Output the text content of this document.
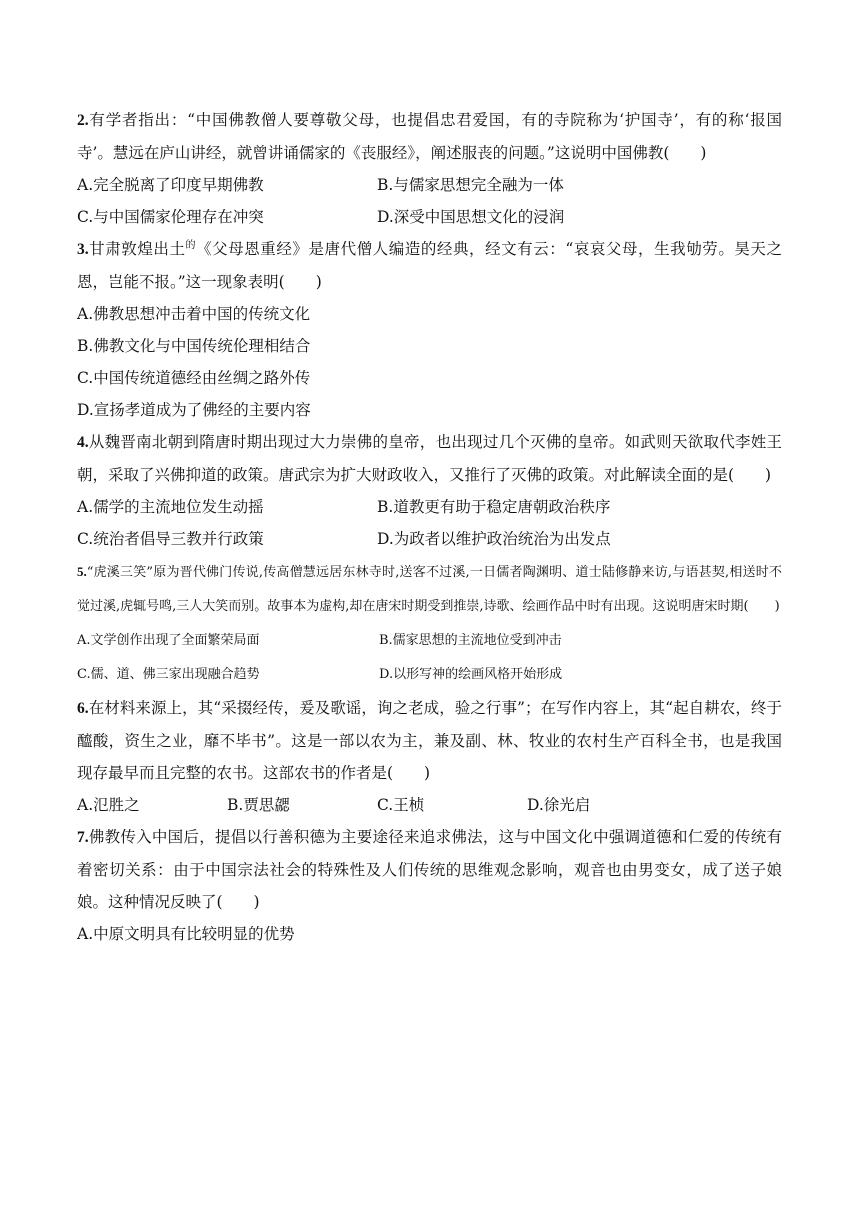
2.有学者指出：“中国佛教僧人要尊敬父母，也提倡忠君爱国，有的寺院称为‘护国寺’，有的称‘报国寺’。慧远在庐山讲经，就曾讲诵儒家的《丧服经》，阐述服丧的问题。”这说明中国佛教(　　)

A.完全脱离了印度早期佛教	B.与儒家思想完全融为一体
C.与中国儒家伦理存在冲突	D.深受中国思想文化的浸润

3.甘肃敦煌出土$^的$《父母恩重经》是唐代僧人编造的经典，经文有云：“哀哀父母，生我劬劳。昊天之恩，岂能不报。”这一现象表明(　　)

A.佛教思想冲击着中国的传统文化
B.佛教文化与中国传统伦理相结合
C.中国传统道德经由丝绸之路外传
D.宣扬孝道成为了佛经的主要内容

4.从魏晋南北朝到隋唐时期出现过大力崇佛的皇帝，也出现过几个灭佛的皇帝。如武则天欲取代李姓王朝，采取了兴佛抑道的政策。唐武宗为扩大财政收入，又推行了灭佛的政策。对此解读全面的是(　　)

A.儒学的主流地位发生动摇	B.道教更有助于稳定唐朝政治秩序
C.统治者倡导三教并行政策	D.为政者以维护政治统治为出发点

5.“虎溪三笑”原为晋代佛门传说,传高僧慧远居东林寺时,送客不过溪,一日儒者陶渊明、道士陆修静来访,与语甚契,相送时不觉过溪,虎辄号鸣,三人大笑而别。故事本为虚构,却在唐宋时期受到推崇,诗歌、绘画作品中时有出现。这说明唐宋时期(　　)

A.文学创作出现了全面繁荣局面	B.儒家思想的主流地位受到冲击
C.儒、道、佛三家出现融合趋势	D.以形写神的绘画风格开始形成

6.在材料来源上，其“采掇经传，爰及歌谣，询之老成，验之行事”；在写作内容上，其“起自耕农，终于醯酸，资生之业，靡不毕书”。这是一部以农为主，兼及副、林、牧业的农村生产百科全书，也是我国现存最早而且完整的农书。这部农书的作者是(　　)

A.氾胜之	B.贾思勰	C.王桢	D.徐光启

7.佛教传入中国后，提倡以行善积德为主要途径来追求佛法，这与中国文化中强调道德和仁爱的传统有着密切关系：由于中国宗法社会的特殊性及人们传统的思维观念影响，观音也由男变女，成了送子娘娘。这种情况反映了(　　)

A.中原文明具有比较明显的优势
